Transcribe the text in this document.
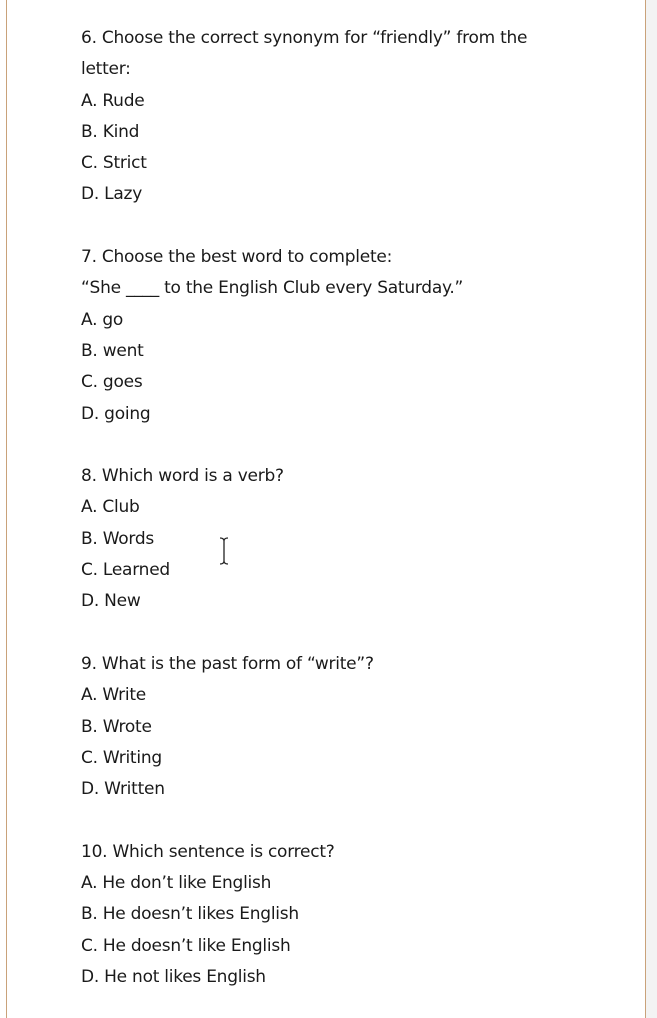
6. Choose the correct synonym for “friendly” from the
letter:
A. Rude
B. Kind
C. Strict
D. Lazy
7. Choose the best word to complete:
“She ____ to the English Club every Saturday.”
A. go
B. went
C. goes
D. going
8. Which word is a verb?
A. Club
B. Words
C. Learned
D. New
9. What is the past form of “write”?
A. Write
B. Wrote
C. Writing
D. Written
10. Which sentence is correct?
A. He don’t like English
B. He doesn’t likes English
C. He doesn’t like English
D. He not likes English
